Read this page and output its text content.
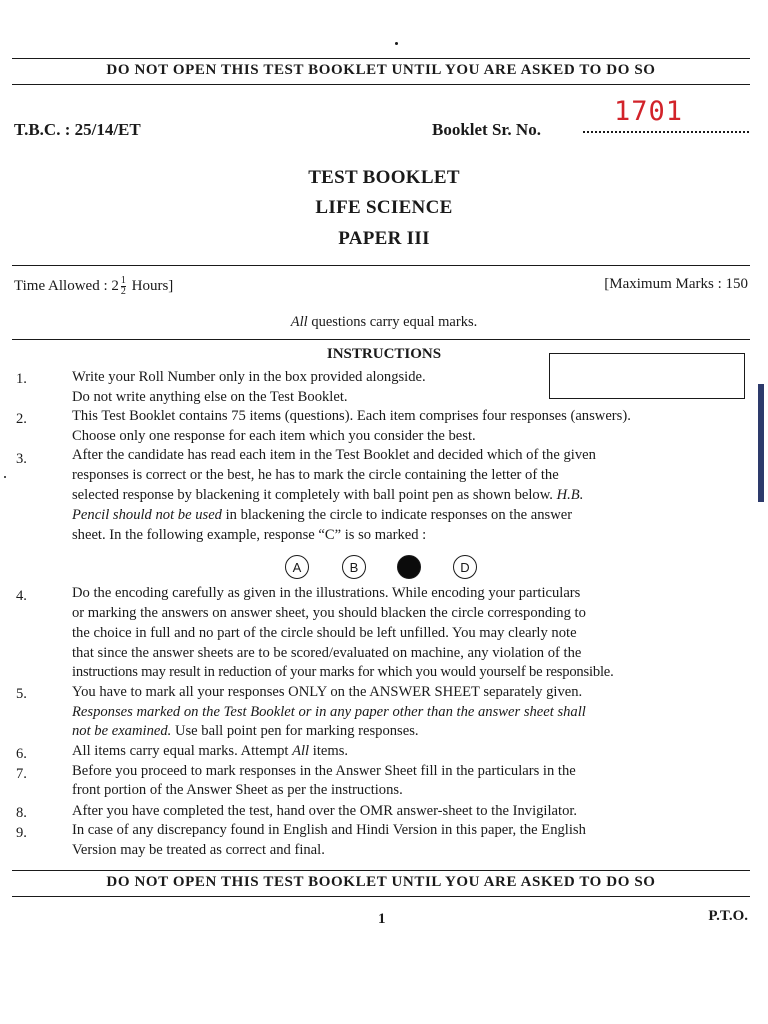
DO NOT OPEN THIS TEST BOOKLET UNTIL YOU ARE ASKED TO DO SO
T.B.C. : 25/14/ET
1701
Booklet Sr. No.
TEST BOOKLET
LIFE SCIENCE
PAPER III
Time Allowed : $2 \frac{1}{2}$ Hours]	[Maximum Marks : 150
All questions carry equal marks.
INSTRUCTIONS
1.	Write your Roll Number only in the box provided alongside.
Do not write anything else on the Test Booklet.
2.	This Test Booklet contains 75 items (questions). Each item comprises four responses (answers).
Choose only one response for each item which you consider the best.
3.	After the candidate has read each item in the Test Booklet and decided which of the given
responses is correct or the best, he has to mark the circle containing the letter of the
selected response by blackening it completely with ball point pen as shown below. H.B.
Pencil should not be used in blackening the circle to indicate responses on the answer
sheet. In the following example, response “C” is so marked :
A	B	D
4.	Do the encoding carefully as given in the illustrations. While encoding your particulars
or marking the answers on answer sheet, you should blacken the circle corresponding to
the choice in full and no part of the circle should be left unfilled. You may clearly note
that since the answer sheets are to be scored/evaluated on machine, any violation of the
instructions may result in reduction of your marks for which you would yourself be responsible.
5.	You have to mark all your responses ONLY on the ANSWER SHEET separately given.
Responses marked on the Test Booklet or in any paper other than the answer sheet shall
not be examined. Use ball point pen for marking responses.
6.	All items carry equal marks. Attempt All items.
7.	Before you proceed to mark responses in the Answer Sheet fill in the particulars in the
front portion of the Answer Sheet as per the instructions.
8.	After you have completed the test, hand over the OMR answer-sheet to the Invigilator.
9.	In case of any discrepancy found in English and Hindi Version in this paper, the English
Version may be treated as correct and final.
DO NOT OPEN THIS TEST BOOKLET UNTIL YOU ARE ASKED TO DO SO
1	P.T.O.
